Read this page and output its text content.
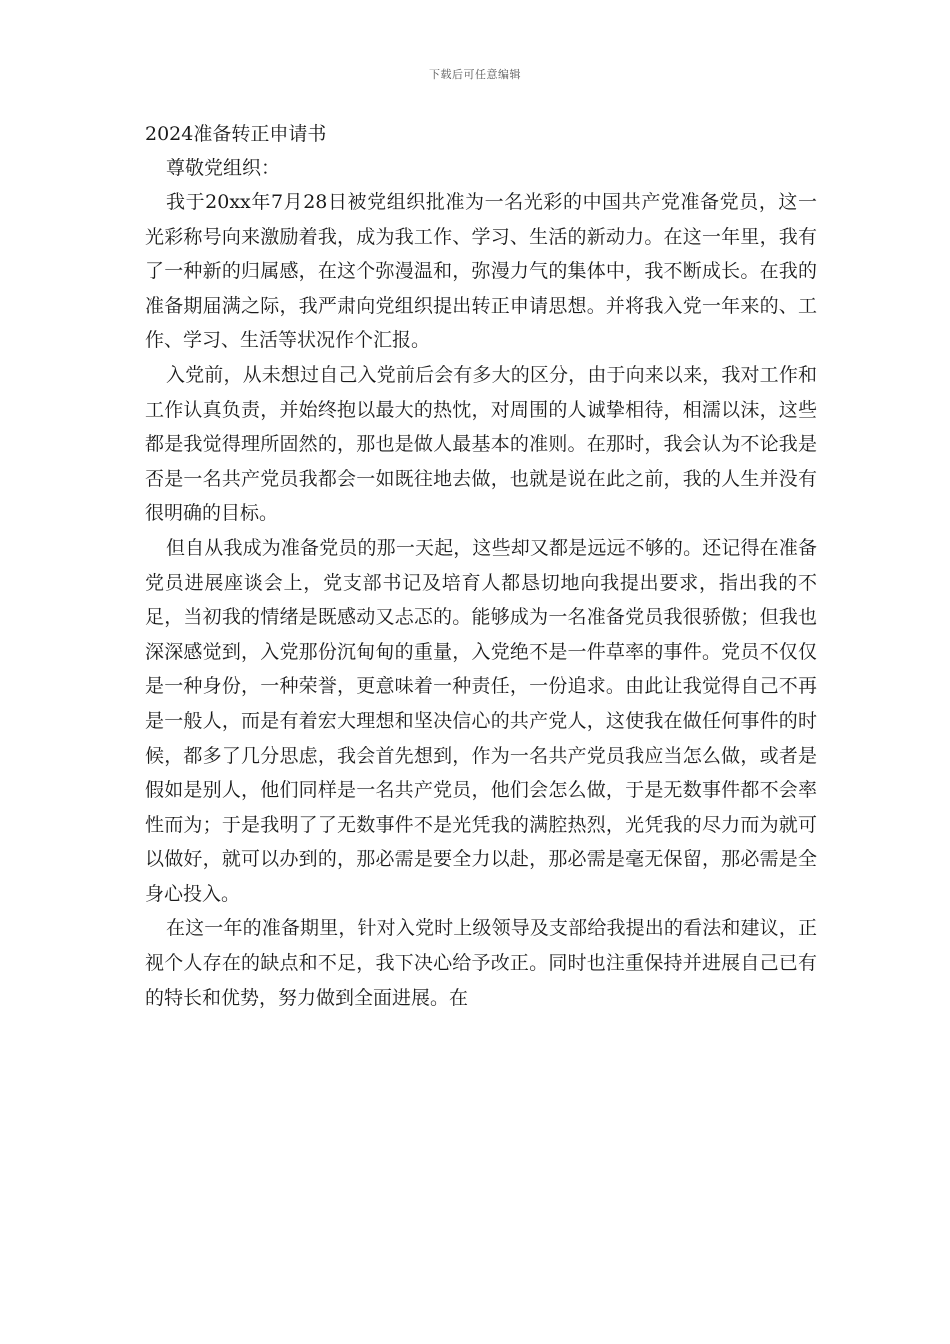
下载后可任意编辑
2024准备转正申请书

尊敬党组织：

我于20xx年7月28日被党组织批准为一名光彩的中国共产党准备党员，这一光彩称号向来激励着我，成为我工作、学习、生活的新动力。在这一年里，我有了一种新的归属感，在这个弥漫温和，弥漫力气的集体中，我不断成长。在我的准备期届满之际，我严肃向党组织提出转正申请思想。并将我入党一年来的、工作、学习、生活等状况作个汇报。

入党前，从未想过自己入党前后会有多大的区分，由于向来以来，我对工作和工作认真负责，并始终抱以最大的热忱，对周围的人诚挚相待，相濡以沫，这些都是我觉得理所固然的，那也是做人最基本的准则。在那时，我会认为不论我是否是一名共产党员我都会一如既往地去做，也就是说在此之前，我的人生并没有很明确的目标。

但自从我成为准备党员的那一天起，这些却又都是远远不够的。还记得在准备党员进展座谈会上，党支部书记及培育人都恳切地向我提出要求，指出我的不足，当初我的情绪是既感动又忐忑的。能够成为一名准备党员我很骄傲；但我也深深感觉到，入党那份沉甸甸的重量，入党绝不是一件草率的事件。党员不仅仅是一种身份，一种荣誉，更意味着一种责任，一份追求。由此让我觉得自己不再是一般人，而是有着宏大理想和坚决信心的共产党人，这使我在做任何事件的时候，都多了几分思虑，我会首先想到，作为一名共产党员我应当怎么做，或者是假如是别人，他们同样是一名共产党员，他们会怎么做，于是无数事件都不会率性而为；于是我明了了无数事件不是光凭我的满腔热烈，光凭我的尽力而为就可以做好，就可以办到的，那必需是要全力以赴，那必需是毫无保留，那必需是全身心投入。

在这一年的准备期里，针对入党时上级领导及支部给我提出的看法和建议，正视个人存在的缺点和不足，我下决心给予改正。同时也注重保持并进展自己已有的特长和优势，努力做到全面进展。在
